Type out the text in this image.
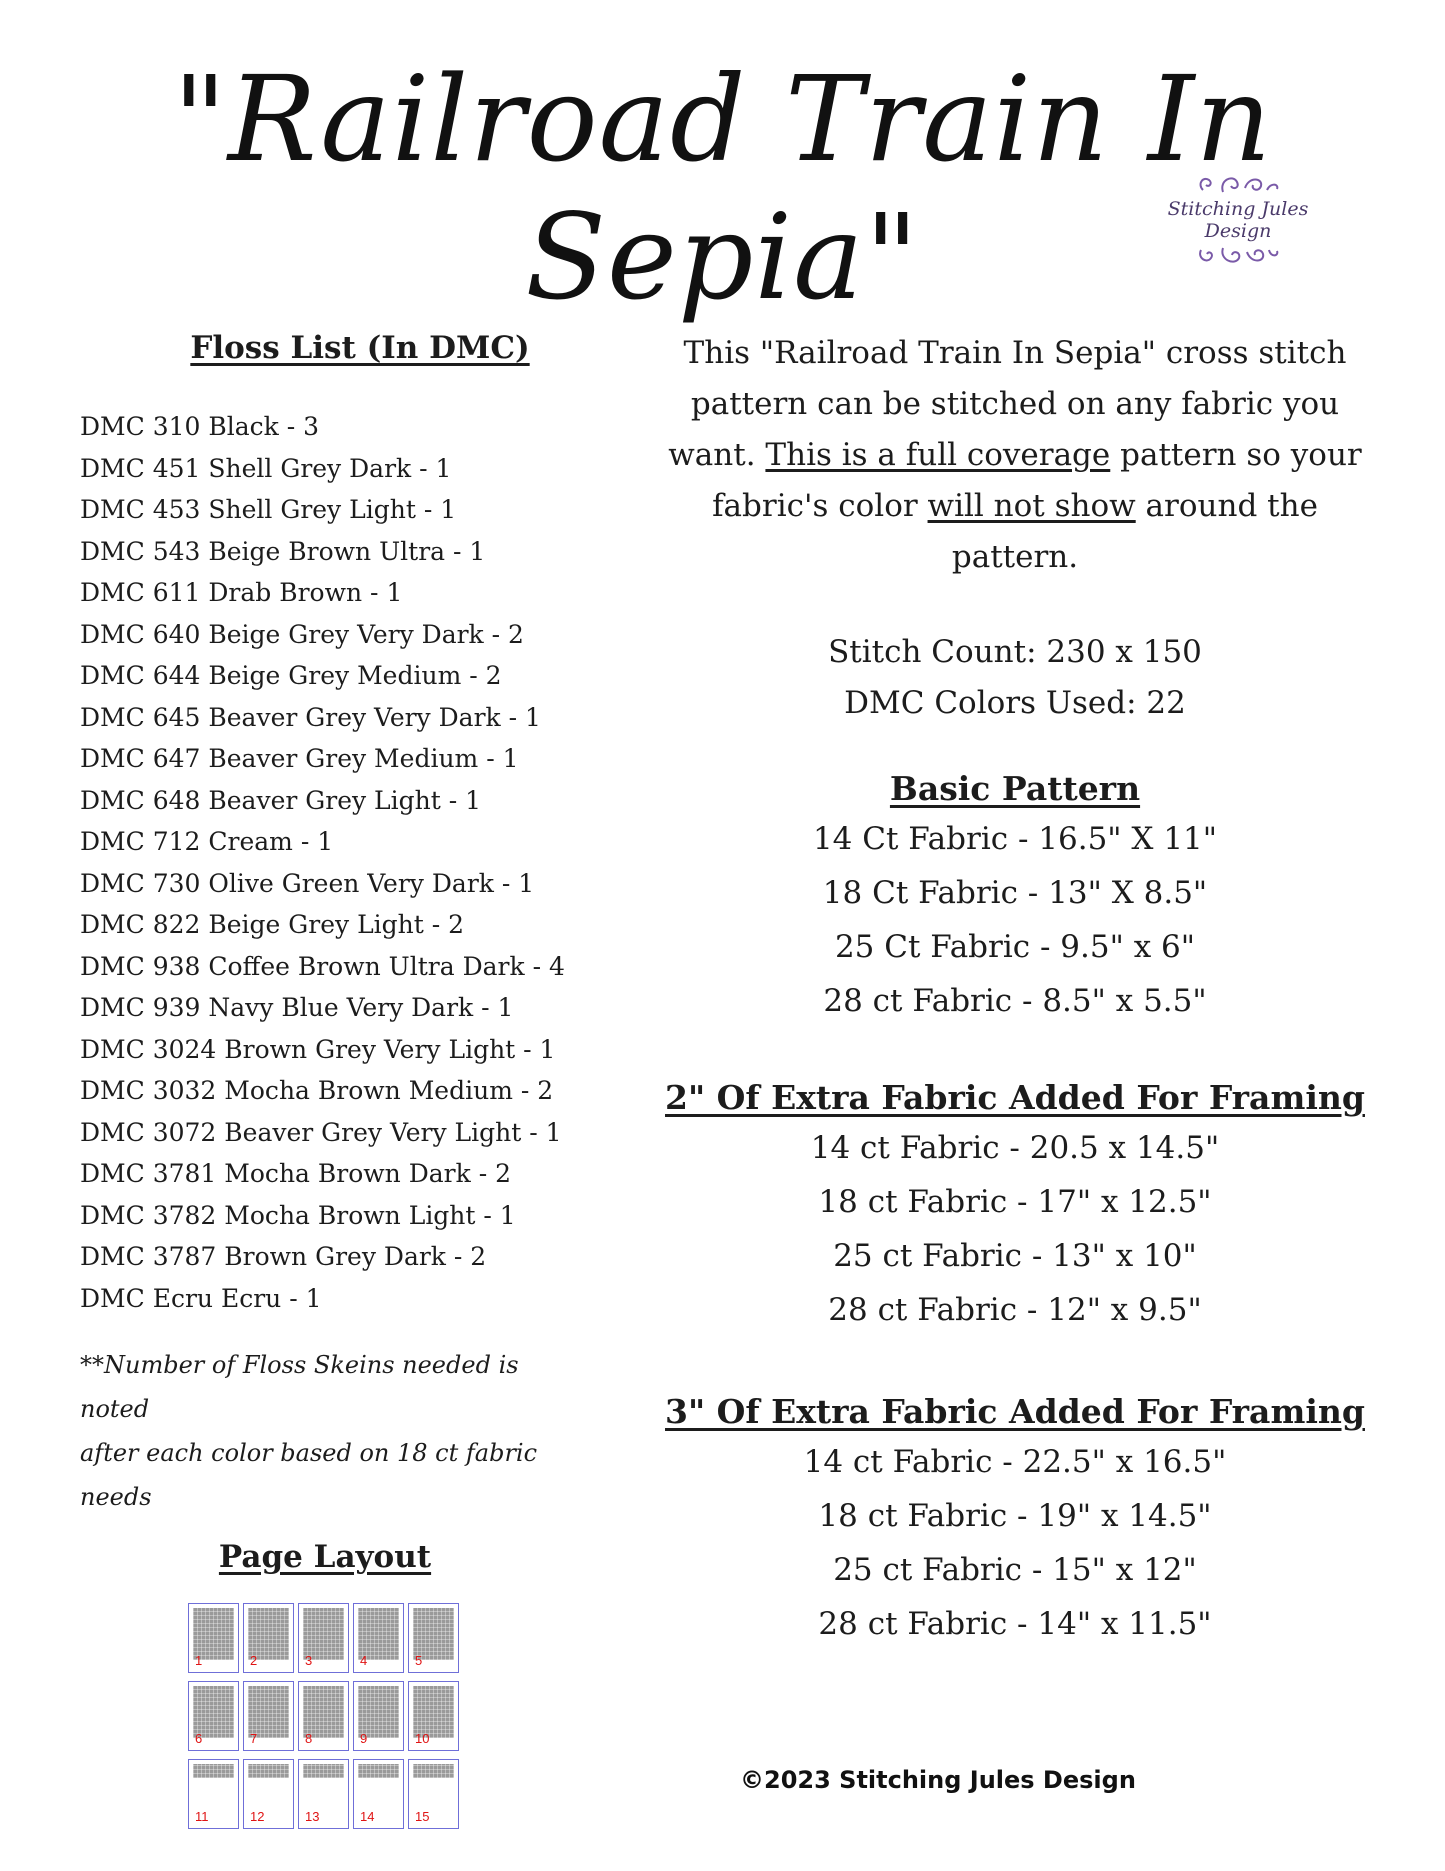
"Railroad Train In Sepia"	Stitching Jules Design
Floss List (In DMC)
DMC 310 Black - 3
DMC 451 Shell Grey Dark - 1
DMC 453 Shell Grey Light - 1
DMC 543 Beige Brown Ultra - 1
DMC 611 Drab Brown - 1
DMC 640 Beige Grey Very Dark - 2
DMC 644 Beige Grey Medium - 2
DMC 645 Beaver Grey Very Dark - 1
DMC 647 Beaver Grey Medium - 1
DMC 648 Beaver Grey Light - 1
DMC 712 Cream - 1
DMC 730 Olive Green Very Dark - 1
DMC 822 Beige Grey Light - 2
DMC 938 Coffee Brown Ultra Dark - 4
DMC 939 Navy Blue Very Dark - 1
DMC 3024 Brown Grey Very Light - 1
DMC 3032 Mocha Brown Medium - 2
DMC 3072 Beaver Grey Very Light - 1
DMC 3781 Mocha Brown Dark - 2
DMC 3782 Mocha Brown Light - 1
DMC 3787 Brown Grey Dark - 2
DMC Ecru Ecru - 1
**Number of Floss Skeins needed is noted
after each color based on 18 ct fabric needs
Page Layout
1	2	3	4	5
6	7	8	9	10
11	12	13	14	15

This "Railroad Train In Sepia" cross stitch pattern can be stitched on any fabric you want. This is a full coverage pattern so your fabric's color will not show around the pattern.

Stitch Count: 230 x 150
DMC Colors Used: 22
Basic Pattern
14 Ct Fabric - 16.5" X 11"
18 Ct Fabric - 13" X 8.5"
25 Ct Fabric - 9.5" x 6"
28 ct Fabric - 8.5" x 5.5"
2" Of Extra Fabric Added For Framing
14 ct Fabric - 20.5 x 14.5"
18 ct Fabric - 17" x 12.5"
25 ct Fabric - 13" x 10"
28 ct Fabric - 12" x 9.5"
3" Of Extra Fabric Added For Framing
14 ct Fabric - 22.5" x 16.5"
18 ct Fabric - 19" x 14.5"
25 ct Fabric - 15" x 12"
28 ct Fabric - 14" x 11.5"
©2023 Stitching Jules Design
